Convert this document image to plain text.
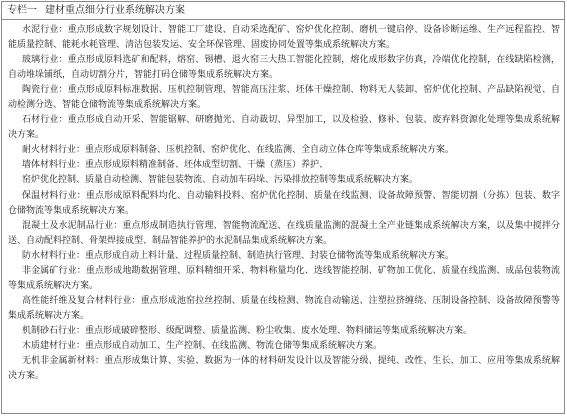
专栏一 建材重点细分行业系统解决方案
水泥行业：重点形成数字规划设计、智能工厂建设、自动采选配矿、窑炉优化控制、磨机一键启停、设备诊断运维、生产远程监控、智能质量控制、能耗水耗管理、清洁包装发运、安全环保管理、固废协同处置等集成系统解决方案。
玻璃行业：重点形成原料选矿和配料，熔窑、锡槽、退火窑三大热工智能化控制，熔化成形数字仿真，冷端优化控制，在线缺陷检测，自动堆垛铺纸，自动切割分片，智能打码仓储等集成系统解决方案。
陶瓷行业：重点形成原料标准数据、压机控制管理、智能高压注浆、坯体干燥控制、物料无人装卸、窑炉优化控制、产品缺陷视觉、自动检测分选、智能仓储物流等集成系统解决方案。
石材行业：重点形成自动开采、智能锯解、研磨抛光、自动裁切、异型加工，以及检验、修补、包装、废弃料资源化处理等集成系统解决方案。
耐火材料行业：重点形成原料制备、压机控制、窑炉优化、在线监测、全自动立体仓库等集成系统解决方案。
墙体材料行业：重点形成原料精准制备、坯体成型切割、干燥（蒸压）养护、
窑炉优化控制、质量自动检测、智能包装物流、自动加车码垛、污染排放控制等集成系统解决方案。
保温材料行业：重点形成原料配料均化、自动输料投料、窑炉优化控制、质量在线监测、设备故障预警、智能切割（分拣）包装、数字仓储物流等集成系统解决方案。
混凝土及水泥制品行业：重点形成制造执行管理、智能物流配送、在线质量监测的混凝土全产业链集成系统解决方案，以及集中搅拌分送、自动配料控制、骨架焊接成型、制品智能养护的水泥制品集成系统解决方案。
防水材料行业：重点形成自动上料计量、过程质量控制、制造执行管理、封装仓储物流等集成系统解决方案。
非金属矿行业：重点形成地勘数据管理、原料精细开采、物料称量均化、选线智能控制、矿物加工优化、质量在线监测、成品包装物流等集成系统解决方案。
高性能纤维及复合材料行业：重点形成池窑拉丝控制、质量在线检测、物流自动输送、注塑拉挤缠绕、压制设备控制、设备故障预警等集成系统解决方案。
机制砂石行业：重点形成破碎整形、级配调整、质量监测、粉尘收集、废水处理、物料储运等集成系统解决方案。
木质建材行业：重点形成自动加工、生产控制、在线监测、物流仓储等集成系统解决方案。
无机非金属新材料：重点形成集计算、实验、数据为一体的材料研发设计以及智能分级、提纯、改性、生长、加工、应用等集成系统解决方案。
